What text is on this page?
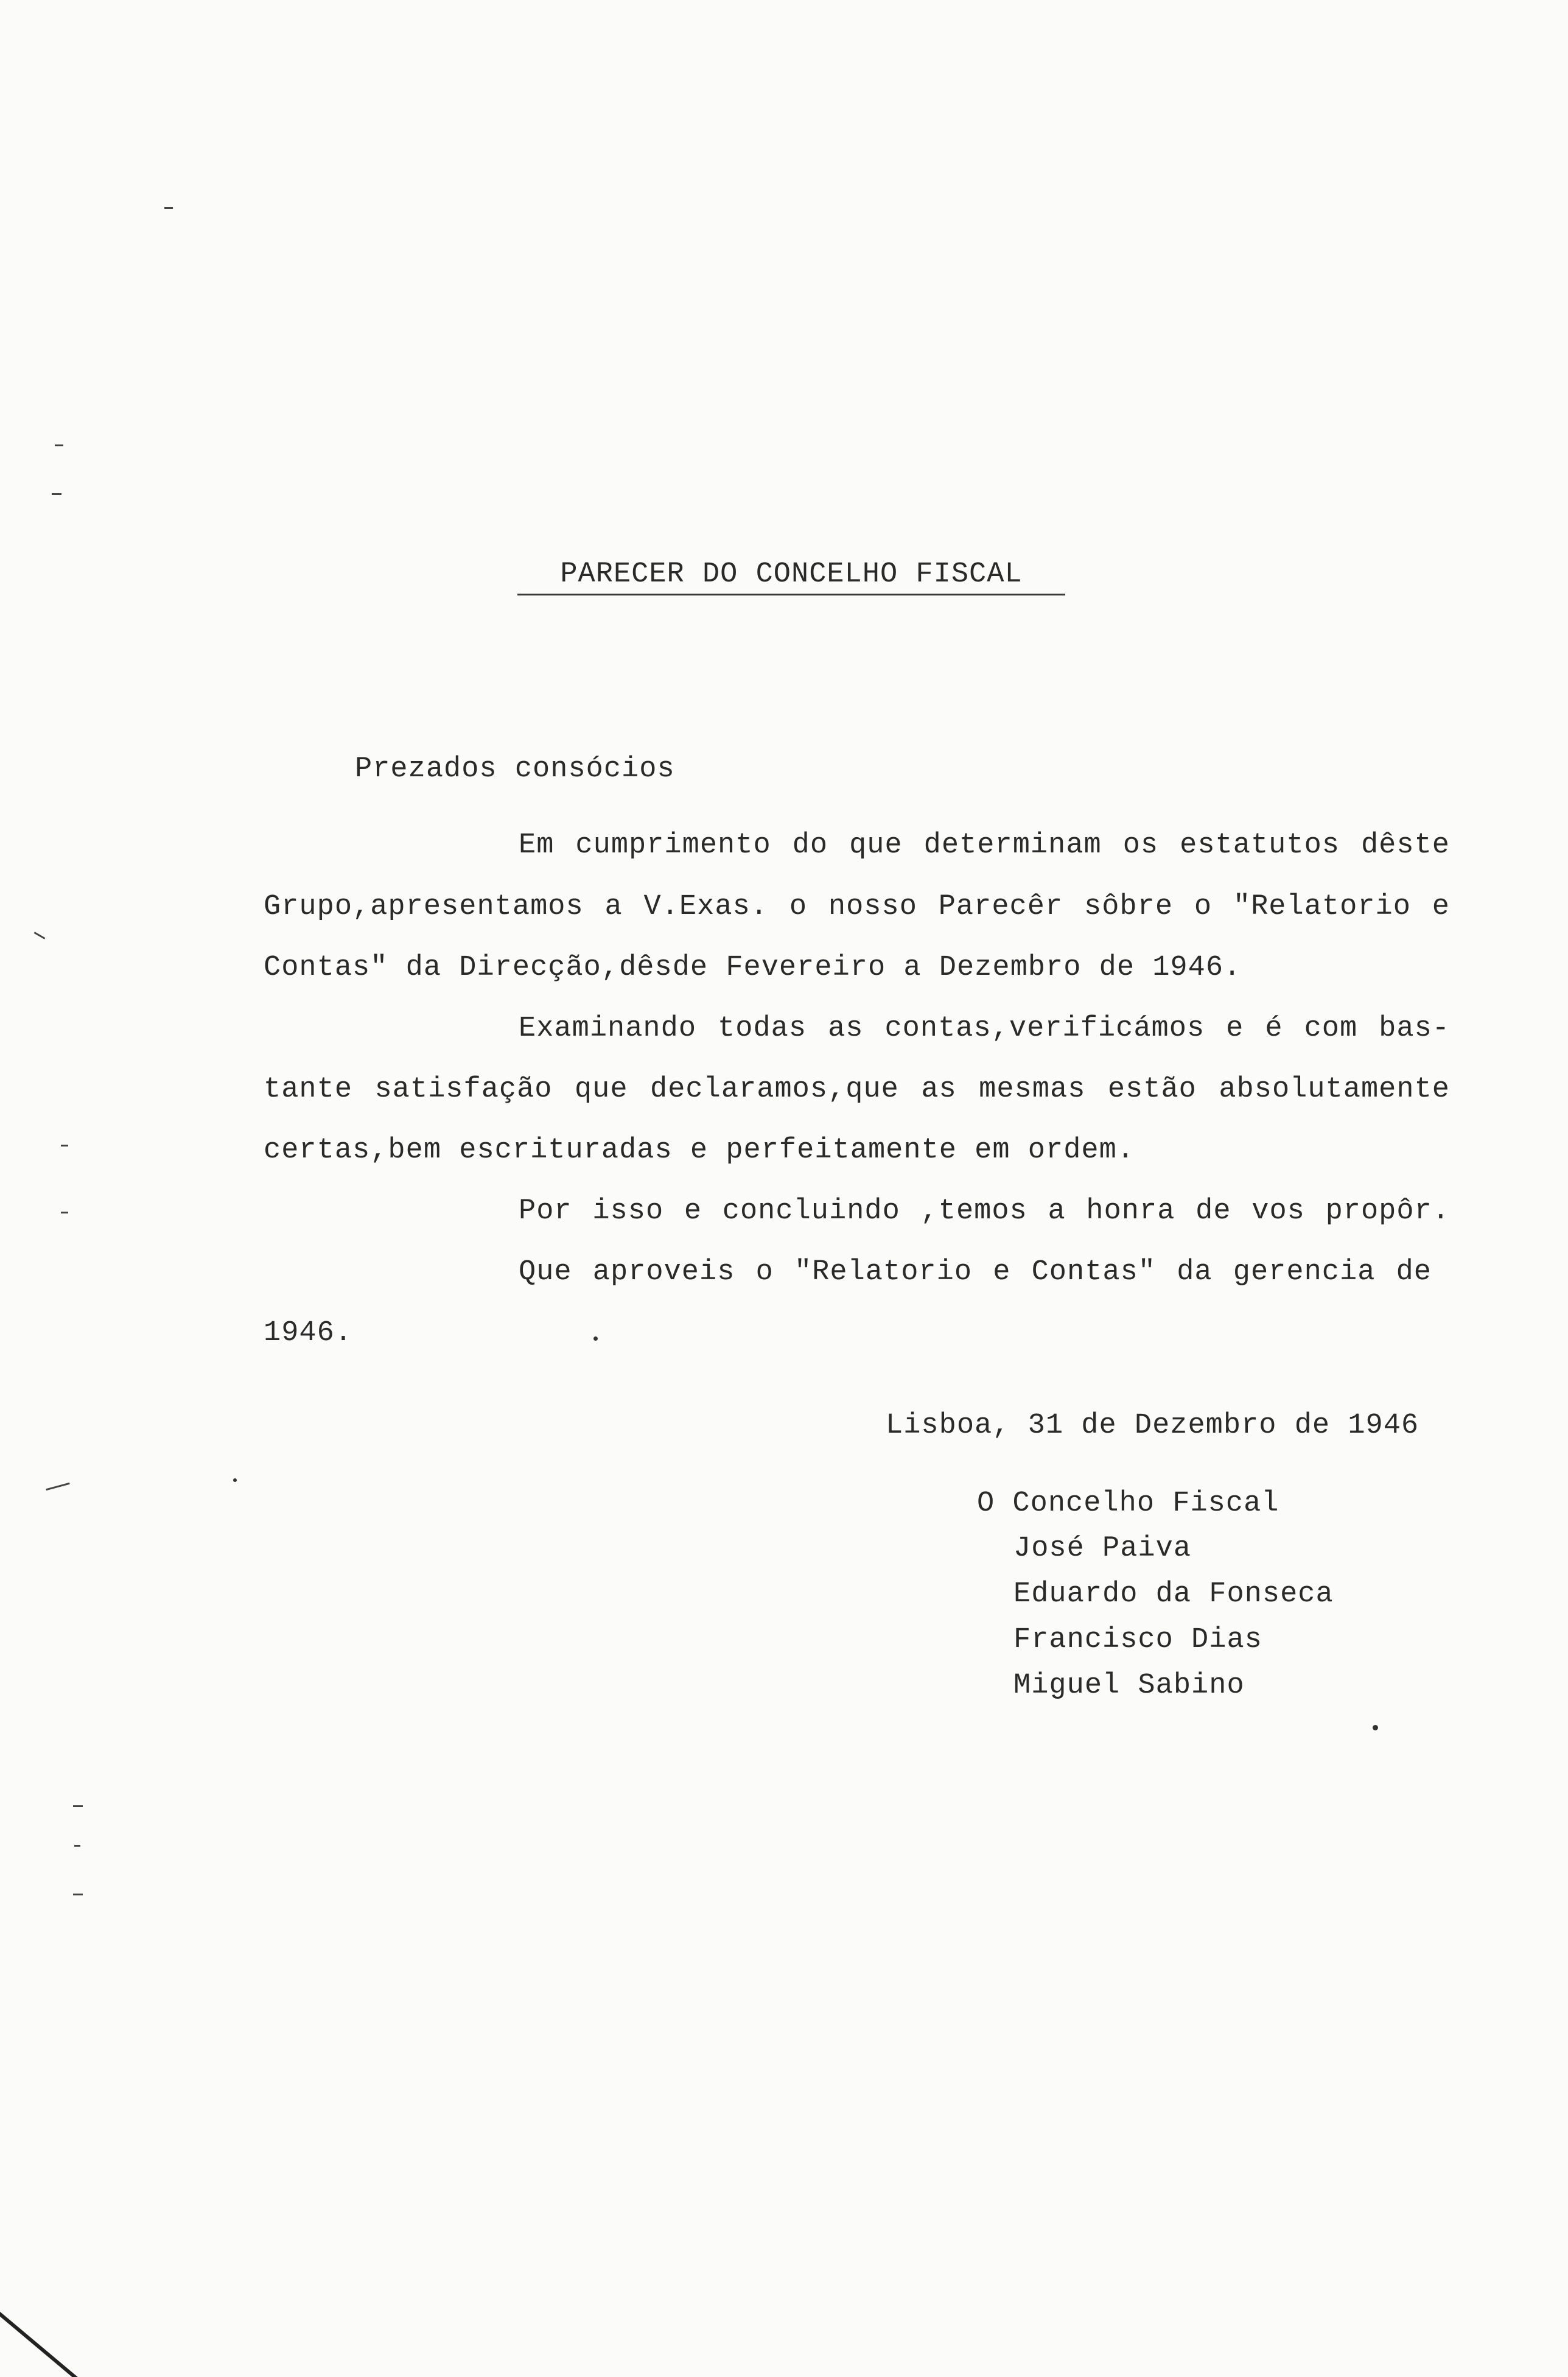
PARECER DO CONCELHO FISCAL
Prezados consócios
Em cumprimento do que determinam os estatutos dêste
Grupo,apresentamos a V.Exas. o nosso Parecêr sôbre o "Relatorio e
Contas" da Direcção,dêsde Fevereiro a Dezembro de 1946.
Examinando todas as contas,verificámos e é com bas-
tante satisfação que declaramos,que as mesmas estão absolutamente
certas,bem escrituradas e perfeitamente em ordem.
Por isso e concluindo ,temos a honra de vos propôr.
Que aproveis o "Relatorio e Contas" da gerencia de
1946.
Lisboa, 31 de Dezembro de 1946
O Concelho Fiscal
José Paiva
Eduardo da Fonseca
Francisco Dias
Miguel Sabino
